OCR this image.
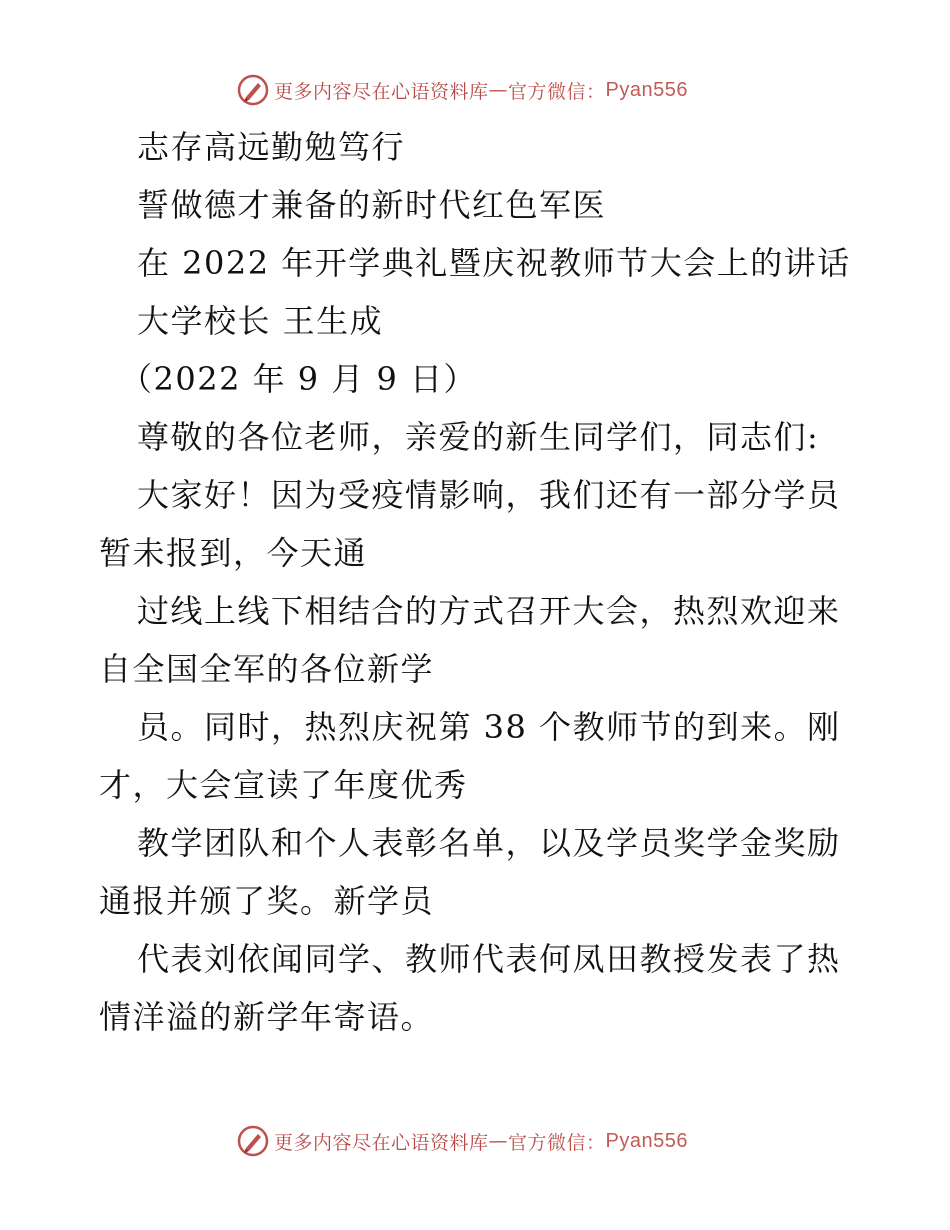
更多内容尽在心语资料库 — 官方微信： Pyan556
志存高远勤勉笃行
誓做德才兼备的新时代红色军医
在 2022 年开学典礼暨庆祝教师节大会上的讲话
大学校长 王生成
（2022 年 9 月 9 日）
尊敬的各位老师，亲爱的新生同学们，同志们:
大家好！因为受疫情影响，我们还有一部分学员
暂未报到，今天通
过线上线下相结合的方式召开大会，热烈欢迎来
自全国全军的各位新学
员。同时，热烈庆祝第 38 个教师节的到来。刚
才，大会宣读了年度优秀
教学团队和个人表彰名单，以及学员奖学金奖励
通报并颁了奖。新学员
代表刘依闻同学、教师代表何凤田教授发表了热
情洋溢的新学年寄语。
更多内容尽在心语资料库 — 官方微信： Pyan556
